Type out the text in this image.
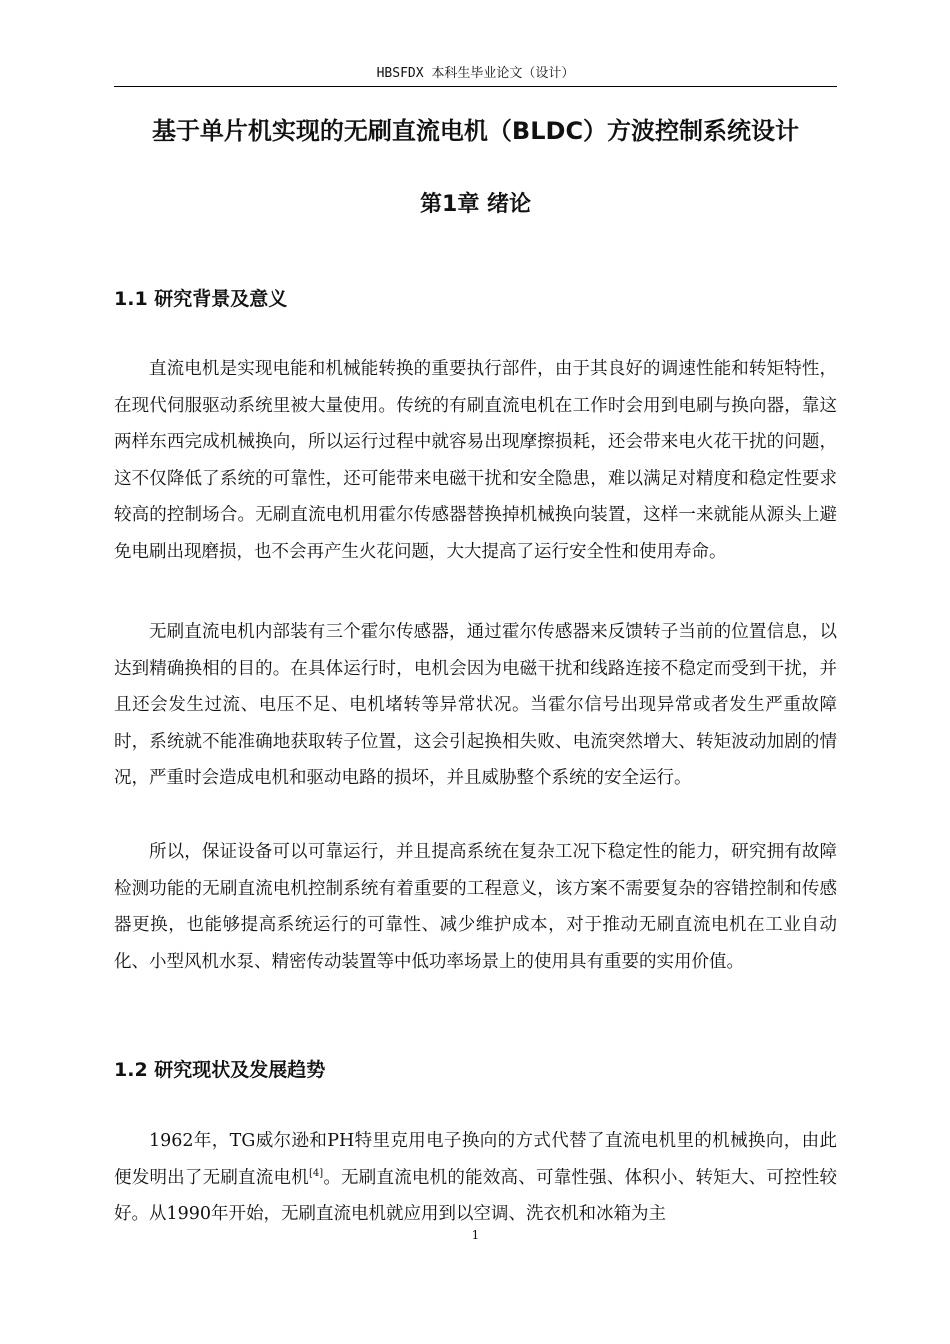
HBSFDX 本科生毕业论文（设计）
基于单片机实现的无刷直流电机（BLDC）方波控制系统设计
第1章 绪论
1.1 研究背景及意义

直流电机是实现电能和机械能转换的重要执行部件，由于其良好的调速性能和转矩特性，在现代伺服驱动系统里被大量使用。传统的有刷直流电机在工作时会用到电刷与换向器，靠这两样东西完成机械换向，所以运行过程中就容易出现摩擦损耗，还会带来电火花干扰的问题，这不仅降低了系统的可靠性，还可能带来电磁干扰和安全隐患，难以满足对精度和稳定性要求较高的控制场合。无刷直流电机用霍尔传感器替换掉机械换向装置，这样一来就能从源头上避免电刷出现磨损，也不会再产生火花问题，大大提高了运行安全性和使用寿命。

无刷直流电机内部装有三个霍尔传感器，通过霍尔传感器来反馈转子当前的位置信息，以达到精确换相的目的。在具体运行时，电机会因为电磁干扰和线路连接不稳定而受到干扰，并且还会发生过流、电压不足、电机堵转等异常状况。当霍尔信号出现异常或者发生严重故障时，系统就不能准确地获取转子位置，这会引起换相失败、电流突然增大、转矩波动加剧的情况，严重时会造成电机和驱动电路的损坏，并且威胁整个系统的安全运行。

所以，保证设备可以可靠运行，并且提高系统在复杂工况下稳定性的能力，研究拥有故障检测功能的无刷直流电机控制系统有着重要的工程意义，该方案不需要复杂的容错控制和传感器更换，也能够提高系统运行的可靠性、减少维护成本，对于推动无刷直流电机在工业自动化、小型风机水泵、精密传动装置等中低功率场景上的使用具有重要的实用价值。

1.2 研究现状及发展趋势

1962年，TG威尔逊和PH特里克用电子换向的方式代替了直流电机里的机械换向，由此便发明出了无刷直流电机[4]。无刷直流电机的能效高、可靠性强、体积小、转矩大、可控性较好。从1990年开始，无刷直流电机就应用到以空调、洗衣机和冰箱为主

1
